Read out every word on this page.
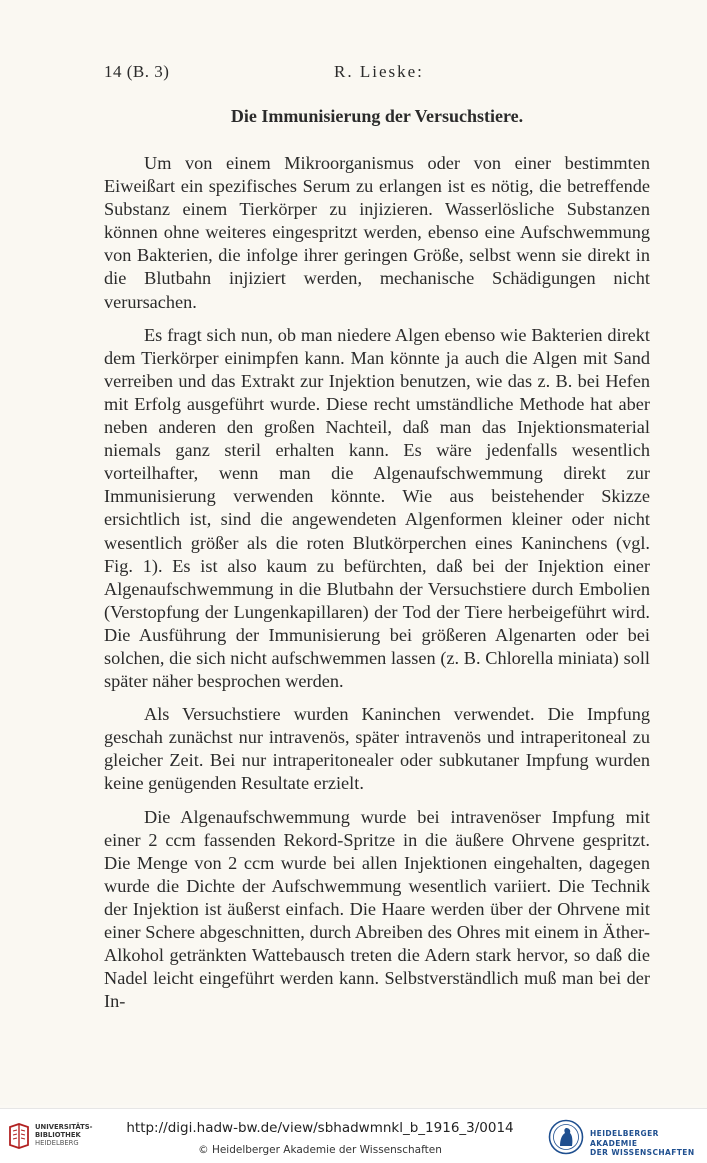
14 (B. 3)	R. Lieske:
Die Immunisierung der Versuchstiere.

Um von einem Mikroorganismus oder von einer bestimmten Eiweißart ein spezifisches Serum zu erlangen ist es nötig, die betreffende Substanz einem Tierkörper zu injizieren. Wasserlösliche Substanzen können ohne weiteres eingespritzt werden, ebenso eine Aufschwemmung von Bakterien, die infolge ihrer geringen Größe, selbst wenn sie direkt in die Blutbahn injiziert werden, mechanische Schädigungen nicht verursachen.

Es fragt sich nun, ob man niedere Algen ebenso wie Bakterien direkt dem Tierkörper einimpfen kann. Man könnte ja auch die Algen mit Sand verreiben und das Extrakt zur Injektion benutzen, wie das z. B. bei Hefen mit Erfolg ausgeführt wurde. Diese recht umständliche Methode hat aber neben anderen den großen Nachteil, daß man das Injektionsmaterial niemals ganz steril erhalten kann. Es wäre jedenfalls wesentlich vorteilhafter, wenn man die Algenaufschwemmung direkt zur Immunisierung verwenden könnte. Wie aus beistehender Skizze ersichtlich ist, sind die angewendeten Algenformen kleiner oder nicht wesentlich größer als die roten Blutkörperchen eines Kaninchens (vgl. Fig. 1). Es ist also kaum zu befürchten, daß bei der Injektion einer Algenaufschwemmung in die Blutbahn der Versuchstiere durch Embolien (Verstopfung der Lungenkapillaren) der Tod der Tiere herbeigeführt wird. Die Ausführung der Immunisierung bei größeren Algenarten oder bei solchen, die sich nicht aufschwemmen lassen (z. B. Chlorella miniata) soll später näher besprochen werden.

Als Versuchstiere wurden Kaninchen verwendet. Die Impfung geschah zunächst nur intravenös, später intravenös und intraperitoneal zu gleicher Zeit. Bei nur intraperitonealer oder subkutaner Impfung wurden keine genügenden Resultate erzielt.

Die Algenaufschwemmung wurde bei intravenöser Impfung mit einer 2 ccm fassenden Rekord-Spritze in die äußere Ohrvene gespritzt. Die Menge von 2 ccm wurde bei allen Injektionen eingehalten, dagegen wurde die Dichte der Aufschwemmung wesentlich variiert. Die Technik der Injektion ist äußerst einfach. Die Haare werden über der Ohrvene mit einer Schere abgeschnitten, durch Abreiben des Ohres mit einem in Äther-Alkohol getränkten Wattebausch treten die Adern stark hervor, so daß die Nadel leicht eingeführt werden kann. Selbstverständlich muß man bei der In-

UNIVERSITÄTS-
BIBLIOTHEK
HEIDELBERG
http://digi.hadw-bw.de/view/sbhadwmnkl_b_1916_3/0014
© Heidelberger Akademie der Wissenschaften
HEIDELBERGER AKADEMIE
DER WISSENSCHAFTEN
